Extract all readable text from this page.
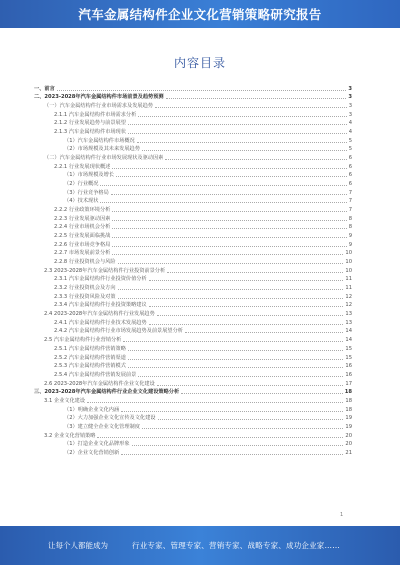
汽车金属结构件企业文化营销策略研究报告
内容目录
一、前言	3
二、2023-2028年汽车金属结构件市场前景及趋势预测	3
（一）汽车金属结构件行业市场需求及发展趋势	3
2.1.1 汽车金属结构件市场需求分析	3
2.1.2 行业发展趋势与前景展望	4
2.1.3 汽车金属结构件市场现状	4
（1）汽车金属结构件市场概况	5
（2）市场规模及其未来发展趋势	5
（二）汽车金属结构件行业市场发展现状及驱动因素	6
2.2.1 行业发展现状概述	6
（1）市场规模及增长	6
（2）行业概况	6
（3）行业竞争格局	7
（4）技术现状	7
2.2.2 行业政策环境分析	7
2.2.3 行业发展驱动因素	8
2.2.4 行业市场机会分析	8
2.2.5 行业发展面临挑战	9
2.2.6 行业市场竞争格局	9
2.2.7 市场发展前景分析	10
2.2.8 行业投资机会与风险	10
2.3 2023-2028年汽车金属结构件行业投资前景分析	10
2.3.1 汽车金属结构件行业投资价值分析	11
2.3.2 行业投资机会及方向	11
2.3.3 行业投资风险及对策	12
2.3.4 汽车金属结构件行业投资策略建议	12
2.4 2023-2028年汽车金属结构件行业发展趋势	13
2.4.1 汽车金属结构件行业技术发展趋势	13
2.4.2 汽车金属结构件行业市场发展趋势及前景展望分析	14
2.5 汽车金属结构件行业营销分析	14
2.5.1 汽车金属结构件营销策略	15
2.5.2 汽车金属结构件营销渠道	15
2.5.3 汽车金属结构件营销模式	16
2.5.4 汽车金属结构件营销发展前景	16
2.6 2023-2028年汽车金属结构件企业文化建设	17
三、2023-2028年汽车金属结构件行业企业文化建设策略分析	18
3.1 企业文化建设	18
（1）明确企业文化内涵	18
（2）大力加强企业文化宣传及文化建设	19
（3）建立健全企业文化管理制度	19
3.2 企业文化营销策略	20
（1）打造企业文化品牌形象	20
（2）企业文化营销创新	21
1
让每个人都能成为	行业专家、管理专家、营销专家、战略专家、成功企业家……
